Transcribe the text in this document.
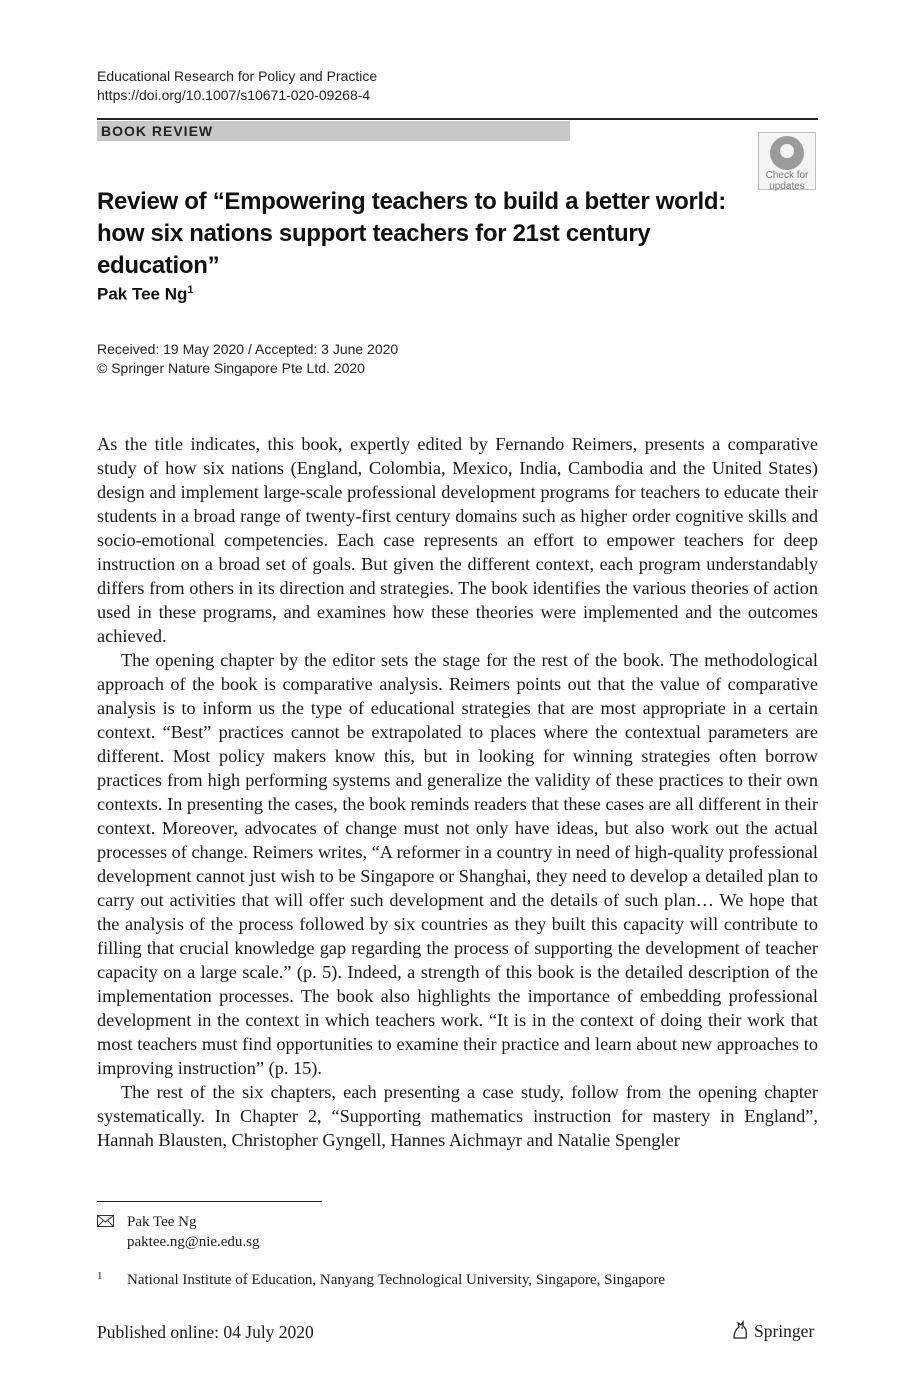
Educational Research for Policy and Practice
https://doi.org/10.1007/s10671-020-09268-4
BOOK REVIEW
Check for
updates
Review of “Empowering teachers to build a better world:
how six nations support teachers for 21st century education”
Pak Tee Ng$^1$
Received: 19 May 2020 / Accepted: 3 June 2020
© Springer Nature Singapore Pte Ltd. 2020

As the title indicates, this book, expertly edited by Fernando Reimers, presents a comparative study of how six nations (England, Colombia, Mexico, India, Cambodia and the United States) design and implement large-scale professional development programs for teachers to educate their students in a broad range of twenty-first century domains such as higher order cognitive skills and socio-emotional competencies. Each case represents an effort to empower teachers for deep instruction on a broad set of goals. But given the different context, each program understandably differs from others in its direction and strategies. The book identifies the various theories of action used in these programs, and examines how these theories were implemented and the outcomes achieved.

The opening chapter by the editor sets the stage for the rest of the book. The methodological approach of the book is comparative analysis. Reimers points out that the value of comparative analysis is to inform us the type of educational strategies that are most appropriate in a certain context. “Best” practices cannot be extrapolated to places where the contextual parameters are different. Most policy makers know this, but in looking for winning strategies often borrow practices from high performing systems and generalize the validity of these practices to their own contexts. In presenting the cases, the book reminds readers that these cases are all different in their context. Moreover, advocates of change must not only have ideas, but also work out the actual processes of change. Reimers writes, “A reformer in a country in need of high-quality professional development cannot just wish to be Singapore or Shanghai, they need to develop a detailed plan to carry out activities that will offer such development and the details of such plan… We hope that the analysis of the process followed by six countries as they built this capacity will contribute to filling that crucial knowledge gap regarding the process of supporting the development of teacher capacity on a large scale.” (p. 5). Indeed, a strength of this book is the detailed description of the implementation processes. The book also highlights the importance of embedding professional development in the context in which teachers work. “It is in the context of doing their work that most teachers must find opportunities to examine their practice and learn about new approaches to improving instruction” (p. 15).

The rest of the six chapters, each presenting a case study, follow from the opening chapter systematically. In Chapter 2, “Supporting mathematics instruction for mastery in England”, Hannah Blausten, Christopher Gyngell, Hannes Aichmayr and Natalie Spengler

Pak Tee Ng
paktee.ng@nie.edu.sg
1 National Institute of Education, Nanyang Technological University, Singapore, Singapore
Published online: 04 July 2020	Springer
